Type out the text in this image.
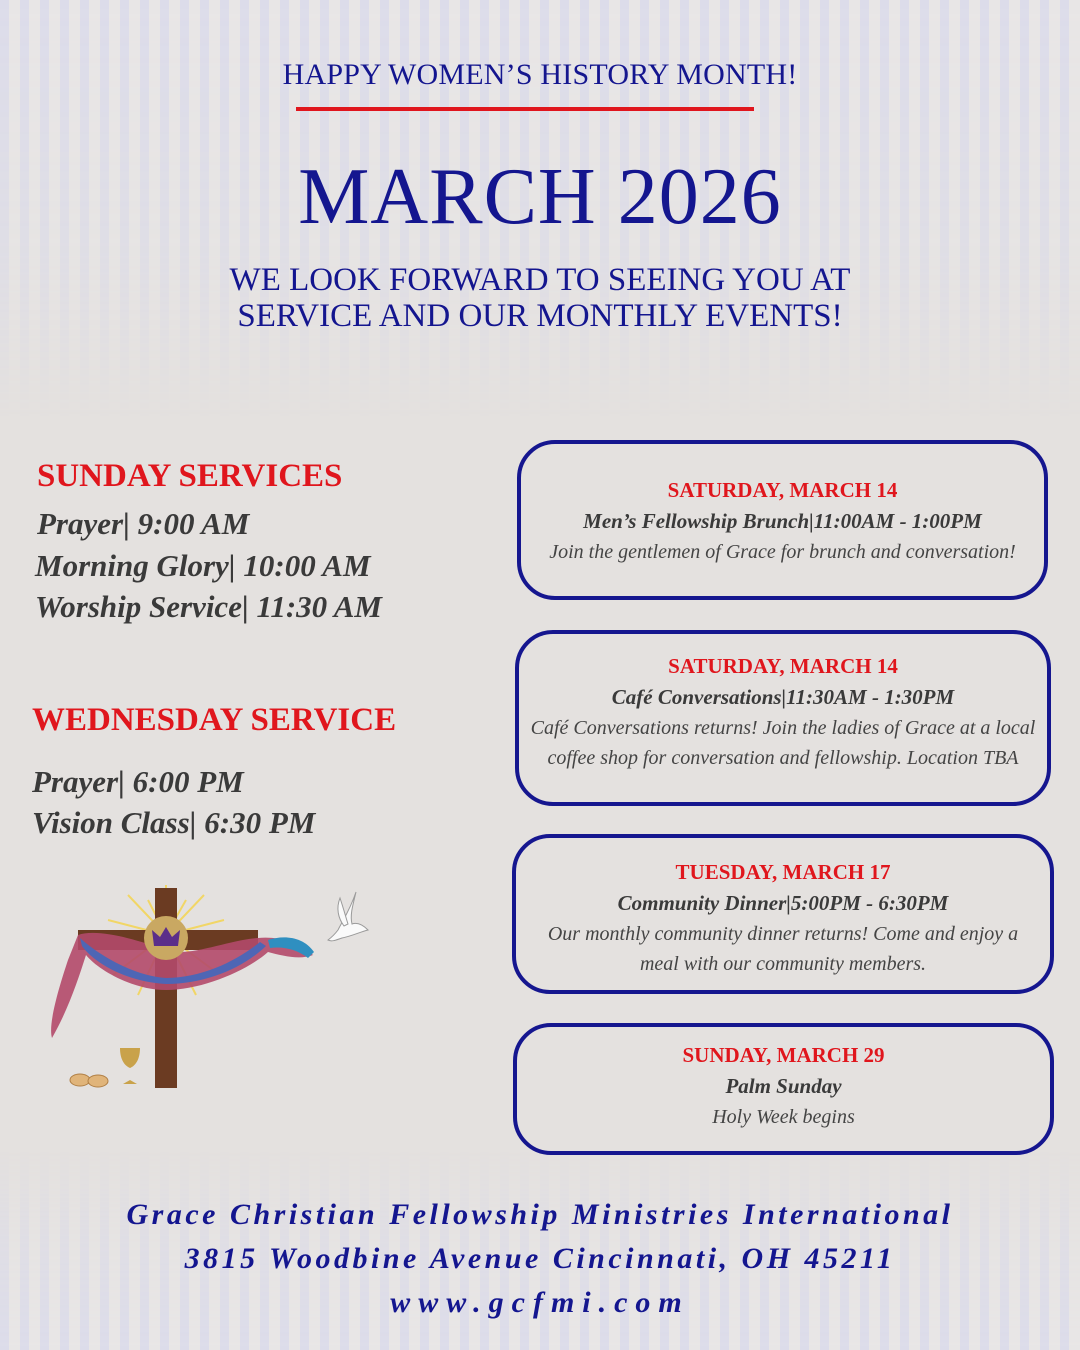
HAPPY WOMEN’S HISTORY MONTH!
MARCH 2026
WE LOOK FORWARD TO SEEING YOU AT
SERVICE AND OUR MONTHLY EVENTS!
SUNDAY SERVICES
Prayer| 9:00 AM
Morning Glory| 10:00 AM
Worship Service| 11:30 AM
WEDNESDAY SERVICE
Prayer| 6:00 PM
Vision Class| 6:30 PM
SATURDAY, MARCH 14
Men’s Fellowship Brunch|11:00AM - 1:00PM
Join the gentlemen of Grace for brunch and conversation!
SATURDAY, MARCH 14
Café Conversations|11:30AM - 1:30PM
Café Conversations returns! Join the ladies of Grace at a local
coffee shop for conversation and fellowship. Location TBA
TUESDAY, MARCH 17
Community Dinner|5:00PM - 6:30PM
Our monthly community dinner returns! Come and enjoy a
meal with our community members.
SUNDAY, MARCH 29
Palm Sunday
Holy Week begins
Grace Christian Fellowship Ministries International
3815 Woodbine Avenue Cincinnati, OH 45211
www.gcfmi.com
